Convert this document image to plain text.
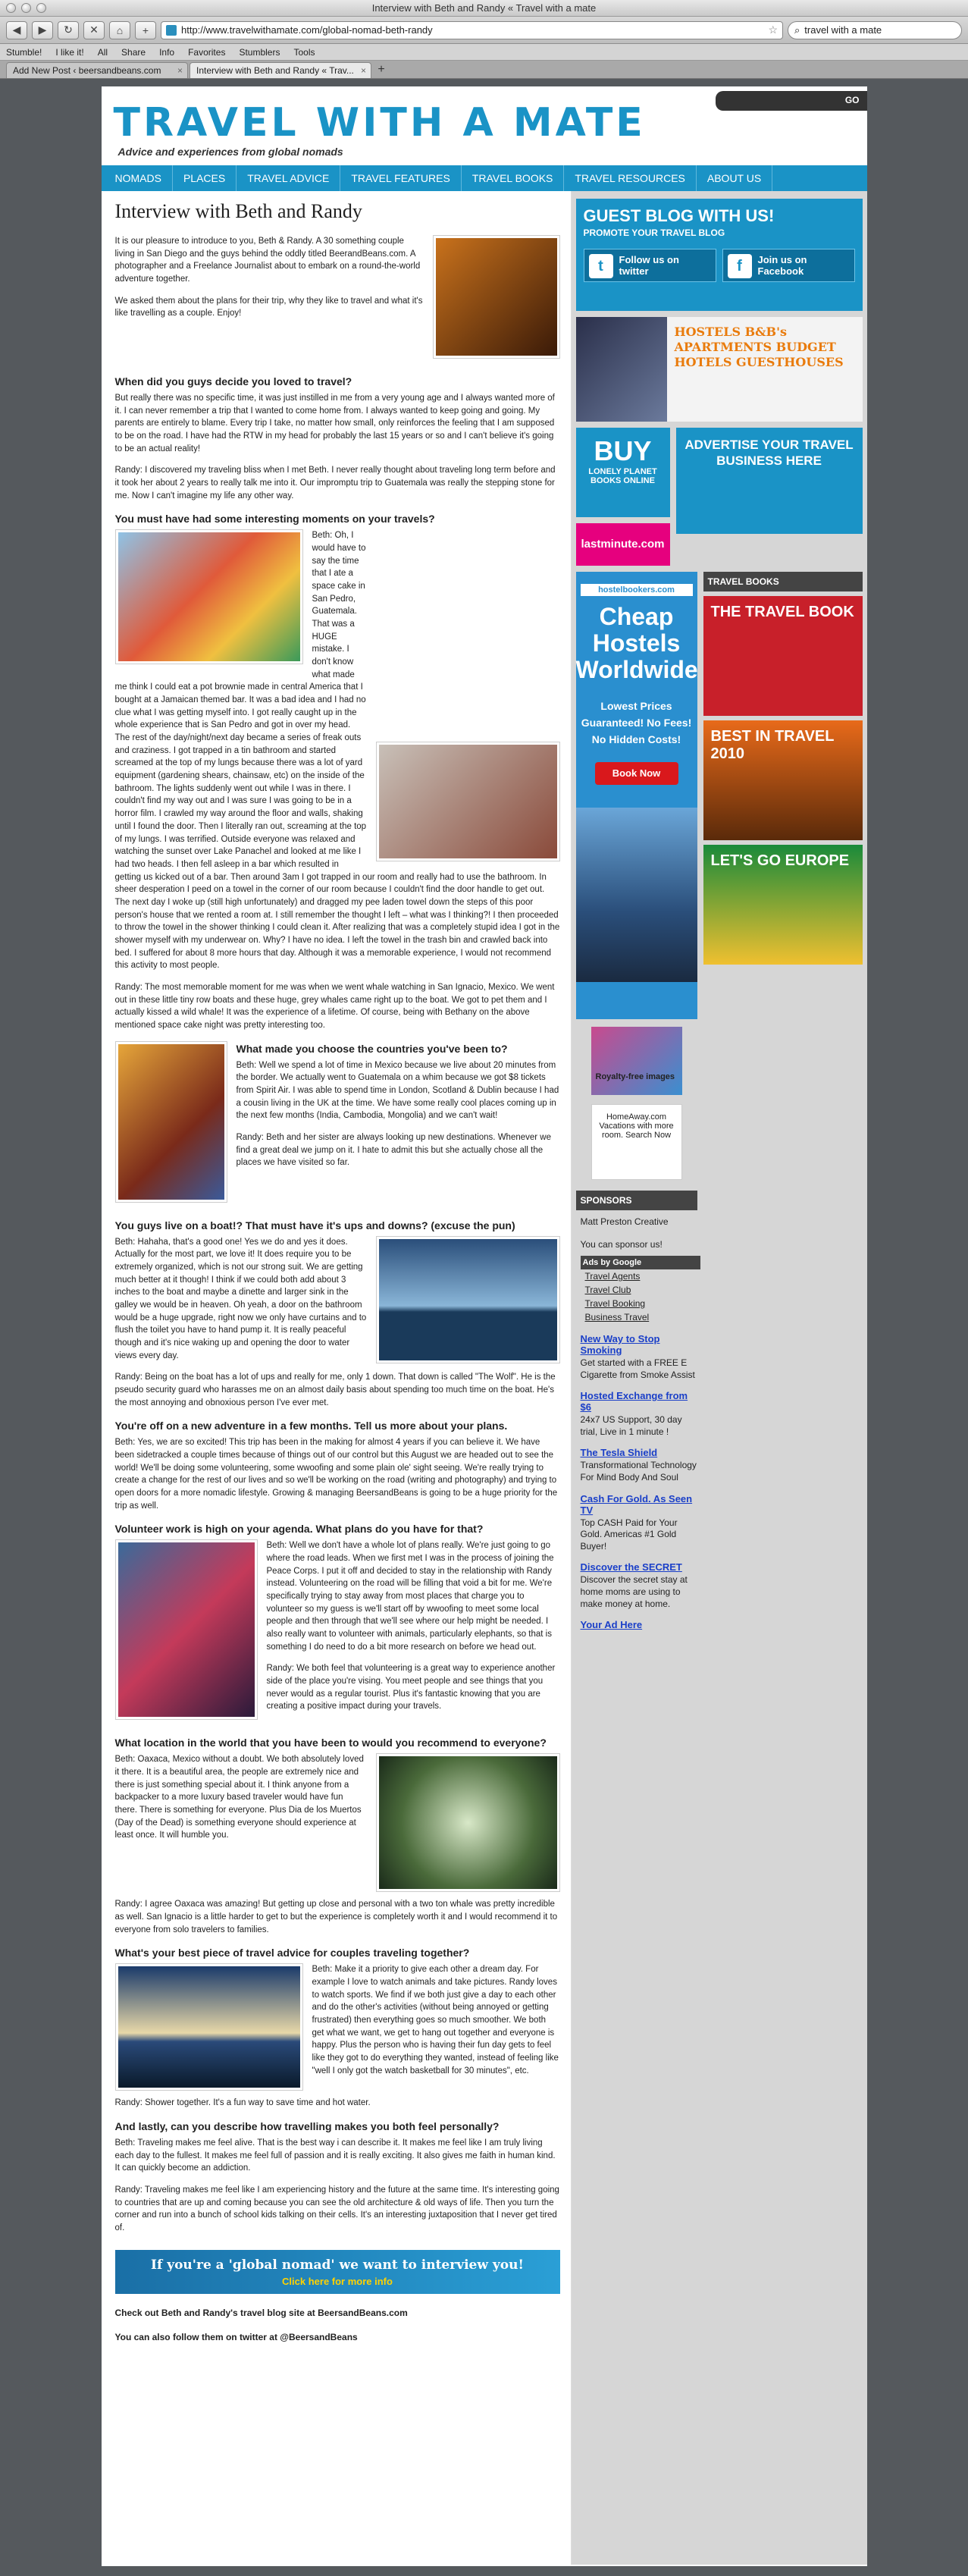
Interview with Beth and Randy « Travel with a mate
◀	▶	↻	✕	⌂	+	http://www.travelwithamate.com/global-nomad-beth-randy	☆ ⌕ travel with a mate
Stumble! I like it! All Share Info Favorites Stumblers Tools
Add New Post ‹ beersandbeans.com ×	Interview with Beth and Randy « Trav... × +
TRAVEL WITH A MATE
Advice and experiences from global nomads
GO
NOMADS	PLACES	TRAVEL ADVICE	TRAVEL FEATURES	TRAVEL BOOKS	TRAVEL RESOURCES	ABOUT US
Interview with Beth and Randy

It is our pleasure to introduce to you, Beth & Randy. A 30 something couple living in San Diego and the guys behind the oddly titled BeerandBeans.com. A photographer and a Freelance Journalist about to embark on a round-the-world adventure together.

We asked them about the plans for their trip, why they like to travel and what it's like travelling as a couple. Enjoy!

When did you guys decide you loved to travel?

But really there was no specific time, it was just instilled in me from a very young age and I always wanted more of it. I can never remember a trip that I wanted to come home from. I always wanted to keep going and going. My parents are entirely to blame. Every trip I take, no matter how small, only reinforces the feeling that I am supposed to be on the road. I have had the RTW in my head for probably the last 15 years or so and I can't believe it's going to be an actual reality!

Randy: I discovered my traveling bliss when I met Beth. I never really thought about traveling long term before and it took her about 2 years to really talk me into it. Our impromptu trip to Guatemala was really the stepping stone for me. Now I can't imagine my life any other way.

You must have had some interesting moments on your travels?

Beth: Oh, I would have to say the time that I ate a space cake in San Pedro, Guatemala. That was a HUGE mistake. I don't know what made me think I could eat a pot brownie made in central America that I bought at a Jamaican themed bar. It was a bad idea and I had no clue what I was getting myself into. I got really caught up in the whole experience that is San Pedro and got in over my head. The rest of the day/night/next day became a series of freak outs and craziness. I got trapped in a tin bathroom and started screamed at the top of my lungs because there was a lot of yard equipment (gardening shears, chainsaw, etc) on the inside of the bathroom. The lights suddenly went out while I was in there. I couldn't find my way out and I was sure I was going to be in a horror film. I crawled my way around the floor and walls, shaking until I found the door. Then I literally ran out, screaming at the top of my lungs. I was terrified. Outside everyone was relaxed and watching the sunset over Lake Panachel and looked at me like I had two heads. I then fell asleep in a bar which resulted in getting us kicked out of a bar. Then around 3am I got trapped in our room and really had to use the bathroom. In sheer desperation I peed on a towel in the corner of our room because I couldn't find the door handle to get out. The next day I woke up (still high unfortunately) and dragged my pee laden towel down the steps of this poor person's house that we rented a room at. I still remember the thought I left – what was I thinking?! I then proceeded to throw the towel in the shower thinking I could clean it. After realizing that was a completely stupid idea I got in the shower myself with my underwear on. Why? I have no idea. I left the towel in the trash bin and crawled back into bed. I suffered for about 8 more hours that day. Although it was a memorable experience, I would not recommend this activity to most people.

Randy: The most memorable moment for me was when we went whale watching in San Ignacio, Mexico. We went out in these little tiny row boats and these huge, grey whales came right up to the boat. We got to pet them and I actually kissed a wild whale! It was the experience of a lifetime. Of course, being with Bethany on the above mentioned space cake night was pretty interesting too.

What made you choose the countries you've been to?

Beth: Well we spend a lot of time in Mexico because we live about 20 minutes from the border. We actually went to Guatemala on a whim because we got $8 tickets from Spirit Air. I was able to spend time in London, Scotland & Dublin because I had a cousin living in the UK at the time. We have some really cool places coming up in the next few months (India, Cambodia, Mongolia) and we can't wait!

Randy: Beth and her sister are always looking up new destinations. Whenever we find a great deal we jump on it. I hate to admit this but she actually chose all the places we have visited so far.

You guys live on a boat!? That must have it's ups and downs? (excuse the pun)

Beth: Hahaha, that's a good one! Yes we do and yes it does. Actually for the most part, we love it! It does require you to be extremely organized, which is not our strong suit. We are getting much better at it though! I think if we could both add about 3 inches to the boat and maybe a dinette and larger sink in the galley we would be in heaven. Oh yeah, a door on the bathroom would be a huge upgrade, right now we only have curtains and to flush the toilet you have to hand pump it. It is really peaceful though and it's nice waking up and opening the door to water views every day.

Randy: Being on the boat has a lot of ups and really for me, only 1 down. That down is called "The Wolf". He is the pseudo security guard who harasses me on an almost daily basis about spending too much time on the boat. He's the most annoying and obnoxious person I've ever met.

You're off on a new adventure in a few months. Tell us more about your plans.

Beth: Yes, we are so excited! This trip has been in the making for almost 4 years if you can believe it. We have been sidetracked a couple times because of things out of our control but this August we are headed out to see the world! We'll be doing some volunteering, some wwoofing and some plain ole' sight seeing. We're really trying to create a change for the rest of our lives and so we'll be working on the road (writing and photography) and trying to open doors for a more nomadic lifestyle. Growing & managing BeersandBeans is going to be a huge priority for the trip as well.

Volunteer work is high on your agenda. What plans do you have for that?

Beth: Well we don't have a whole lot of plans really. We're just going to go where the road leads. When we first met I was in the process of joining the Peace Corps. I put it off and decided to stay in the relationship with Randy instead. Volunteering on the road will be filling that void a bit for me. We're specifically trying to stay away from most places that charge you to volunteer so my guess is we'll start off by wwoofing to meet some local people and then through that we'll see where our help might be needed. I also really want to volunteer with animals, particularly elephants, so that is something I do need to do a bit more research on before we head out.

Randy: We both feel that volunteering is a great way to experience another side of the place you're vising. You meet people and see things that you never would as a regular tourist. Plus it's fantastic knowing that you are creating a positive impact during your travels.

What location in the world that you have been to would you recommend to everyone?

Beth: Oaxaca, Mexico without a doubt. We both absolutely loved it there. It is a beautiful area, the people are extremely nice and there is just something special about it. I think anyone from a backpacker to a more luxury based traveler would have fun there. There is something for everyone. Plus Dia de los Muertos (Day of the Dead) is something everyone should experience at least once. It will humble you.

Randy: I agree Oaxaca was amazing! But getting up close and personal with a two ton whale was pretty incredible as well. San Ignacio is a little harder to get to but the experience is completely worth it and I would recommend it to everyone from solo travelers to families.

What's your best piece of travel advice for couples traveling together?

Beth: Make it a priority to give each other a dream day. For example I love to watch animals and take pictures. Randy loves to watch sports. We find if we both just give a day to each other and do the other's activities (without being annoyed or getting frustrated) then everything goes so much smoother. We both get what we want, we get to hang out together and everyone is happy. Plus the person who is having their fun day gets to feel like they got to do everything they wanted, instead of feeling like "well I only got the watch basketball for 30 minutes", etc.

Randy: Shower together. It's a fun way to save time and hot water.

And lastly, can you describe how travelling makes you both feel personally?

Beth: Traveling makes me feel alive. That is the best way i can describe it. It makes me feel like I am truly living each day to the fullest. It makes me feel full of passion and it is really exciting. It also gives me faith in human kind. It can quickly become an addiction.

Randy: Traveling makes me feel like I am experiencing history and the future at the same time. It's interesting going to countries that are up and coming because you can see the old architecture & old ways of life. Then you turn the corner and run into a bunch of school kids talking on their cells. It's an interesting juxtaposition that I never get tired of.

If you're a 'global nomad' we want to interview you!
Click here for more info
Check out Beth and Randy's travel blog site at BeersandBeans.com
You can also follow them on twitter at @BeersandBeans
GUEST BLOG WITH US!
PROMOTE YOUR TRAVEL BLOG
t	Follow us on twitter	f	Join us on Facebook
HOSTELS B&B's APARTMENTS BUDGET HOTELS GUESTHOUSES
BUY
LONELY PLANET BOOKS ONLINE
lastminute.com
ADVERTISE YOUR TRAVEL BUSINESS HERE
hostelbookers.com
Cheap Hostels Worldwide
Lowest Prices Guaranteed! No Fees! No Hidden Costs!
Book Now
Royalty-free images
HomeAway.com Vacations with more room. Search Now
SPONSORS
Matt Preston Creative
You can sponsor us!
Ads by Google
Travel Agents
Travel Club
Travel Booking
Business Travel
New Way to Stop Smoking
Get started with a FREE E Cigarette from Smoke Assist
Hosted Exchange from $6
24x7 US Support, 30 day trial, Live in 1 minute !
The Tesla Shield
Transformational Technology For Mind Body And Soul
Cash For Gold. As Seen TV
Top CASH Paid for Your Gold. Americas #1 Gold Buyer!
Discover the SECRET
Discover the secret stay at home moms are using to make money at home.
Your Ad Here
TRAVEL BOOKS
THE TRAVEL BOOK
BEST IN TRAVEL 2010
LET'S GO EUROPE
